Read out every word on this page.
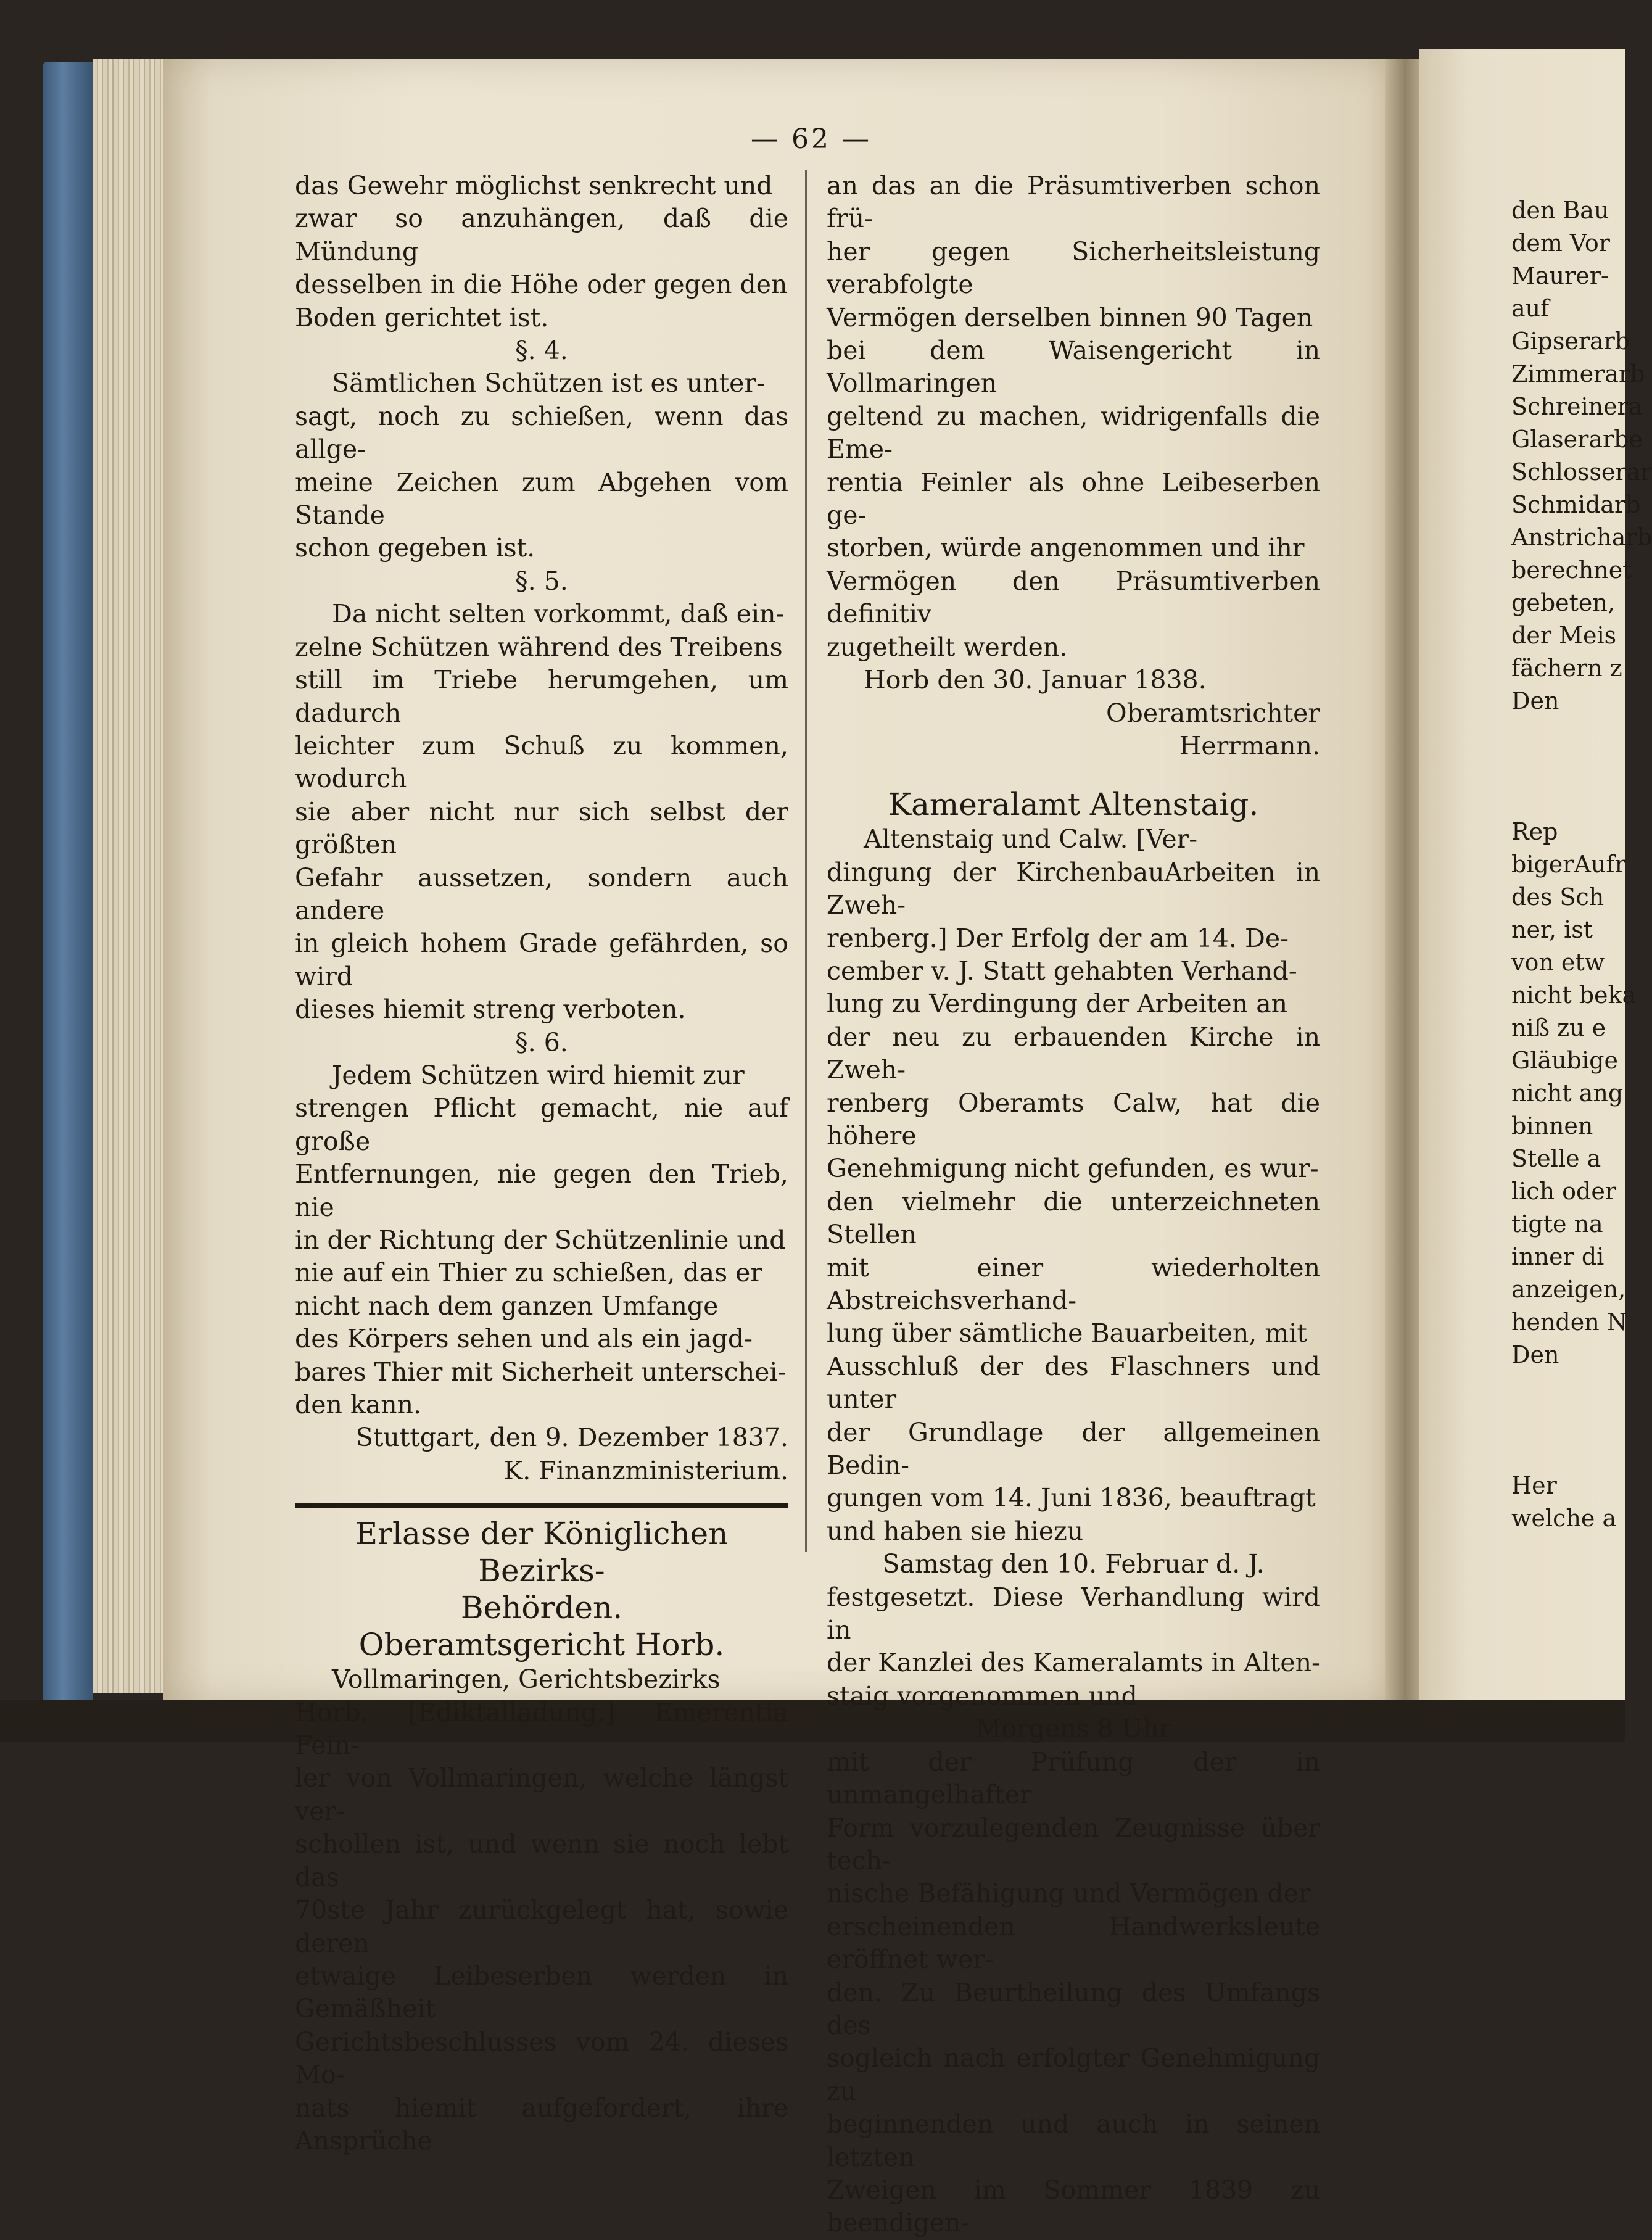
— 62 —

das Gewehr möglichst senkrecht und

zwar so anzuhängen, daß die Mündung

desselben in die Höhe oder gegen den

Boden gerichtet ist.

§. 4.

Sämtlichen Schützen ist es unter-

sagt, noch zu schießen, wenn das allge-

meine Zeichen zum Abgehen vom Stande

schon gegeben ist.

§. 5.

Da nicht selten vorkommt, daß ein-

zelne Schützen während des Treibens

still im Triebe herumgehen, um dadurch

leichter zum Schuß zu kommen, wodurch

sie aber nicht nur sich selbst der größten

Gefahr aussetzen, sondern auch andere

in gleich hohem Grade gefährden, so wird

dieses hiemit streng verboten.

§. 6.

Jedem Schützen wird hiemit zur

strengen Pflicht gemacht, nie auf große

Entfernungen, nie gegen den Trieb, nie

in der Richtung der Schützenlinie und

nie auf ein Thier zu schießen, das er

nicht nach dem ganzen Umfange

des Körpers sehen und als ein jagd-

bares Thier mit Sicherheit unterschei-

den kann.

Stuttgart, den 9. Dezember 1837.

K. Finanzministerium.

Erlasse der Königlichen Bezirks-

Behörden.

Oberamtsgericht Horb.

Vollmaringen, Gerichtsbezirks

Horb. [Ediktalladung.] Emerentia Fein-

ler von Vollmaringen, welche längst ver-

schollen ist, und wenn sie noch lebt das

70ste Jahr zurückgelegt hat, sowie deren

etwaige Leibeserben werden in Gemäßheit

Gerichtsbeschlusses vom 24. dieses Mo-

nats hiemit aufgefordert, ihre Ansprüche

an das an die Präsumtiverben schon frü-

her gegen Sicherheitsleistung verabfolgte

Vermögen derselben binnen 90 Tagen

bei dem Waisengericht in Vollmaringen

geltend zu machen, widrigenfalls die Eme-

rentia Feinler als ohne Leibeserben ge-

storben, würde angenommen und ihr

Vermögen den Präsumtiverben definitiv

zugetheilt werden.

Horb den 30. Januar 1838.

Oberamtsrichter

Herrmann.

Kameralamt Altenstaig.

Altenstaig und Calw. [Ver-

dingung der KirchenbauArbeiten in Zweh-

renberg.] Der Erfolg der am 14. De-

cember v. J. Statt gehabten Verhand-

lung zu Verdingung der Arbeiten an

der neu zu erbauenden Kirche in Zweh-

renberg Oberamts Calw, hat die höhere

Genehmigung nicht gefunden, es wur-

den vielmehr die unterzeichneten Stellen

mit einer wiederholten Abstreichsverhand-

lung über sämtliche Bauarbeiten, mit

Ausschluß der des Flaschners und unter

der Grundlage der allgemeinen Bedin-

gungen vom 14. Juni 1836, beauftragt

und haben sie hiezu

Samstag den 10. Februar d. J.

festgesetzt. Diese Verhandlung wird in

der Kanzlei des Kameralamts in Alten-

staig vorgenommen und

Morgens 8 Uhr

mit der Prüfung der in unmangelhafter

Form vorzulegenden Zeugnisse über tech-

nische Befähigung und Vermögen der

erscheinenden Handwerksleute eröffnet wer-

den. Zu Beurtheilung des Umfangs des

sogleich nach erfolgter Genehmigung zu

beginnenden und auch in seinen letzten

Zweigen im Sommer 1839 zu beendigen-

den Bau

dem Vor

Maurer-

auf

Gipserarb

Zimmerarb

Schreinera

Glaserarbe

Schlosserar

Schmidarb

Anstricharb

berechnet

gebeten,

der Meis

fächern z

Den

Rep

bigerAufr

des Sch

ner, ist

von etw

nicht beka

niß zu e

Gläubige

nicht ang

binnen

Stelle a

lich oder

tigte na

inner di

anzeigen,

henden N

Den

Her

welche a
